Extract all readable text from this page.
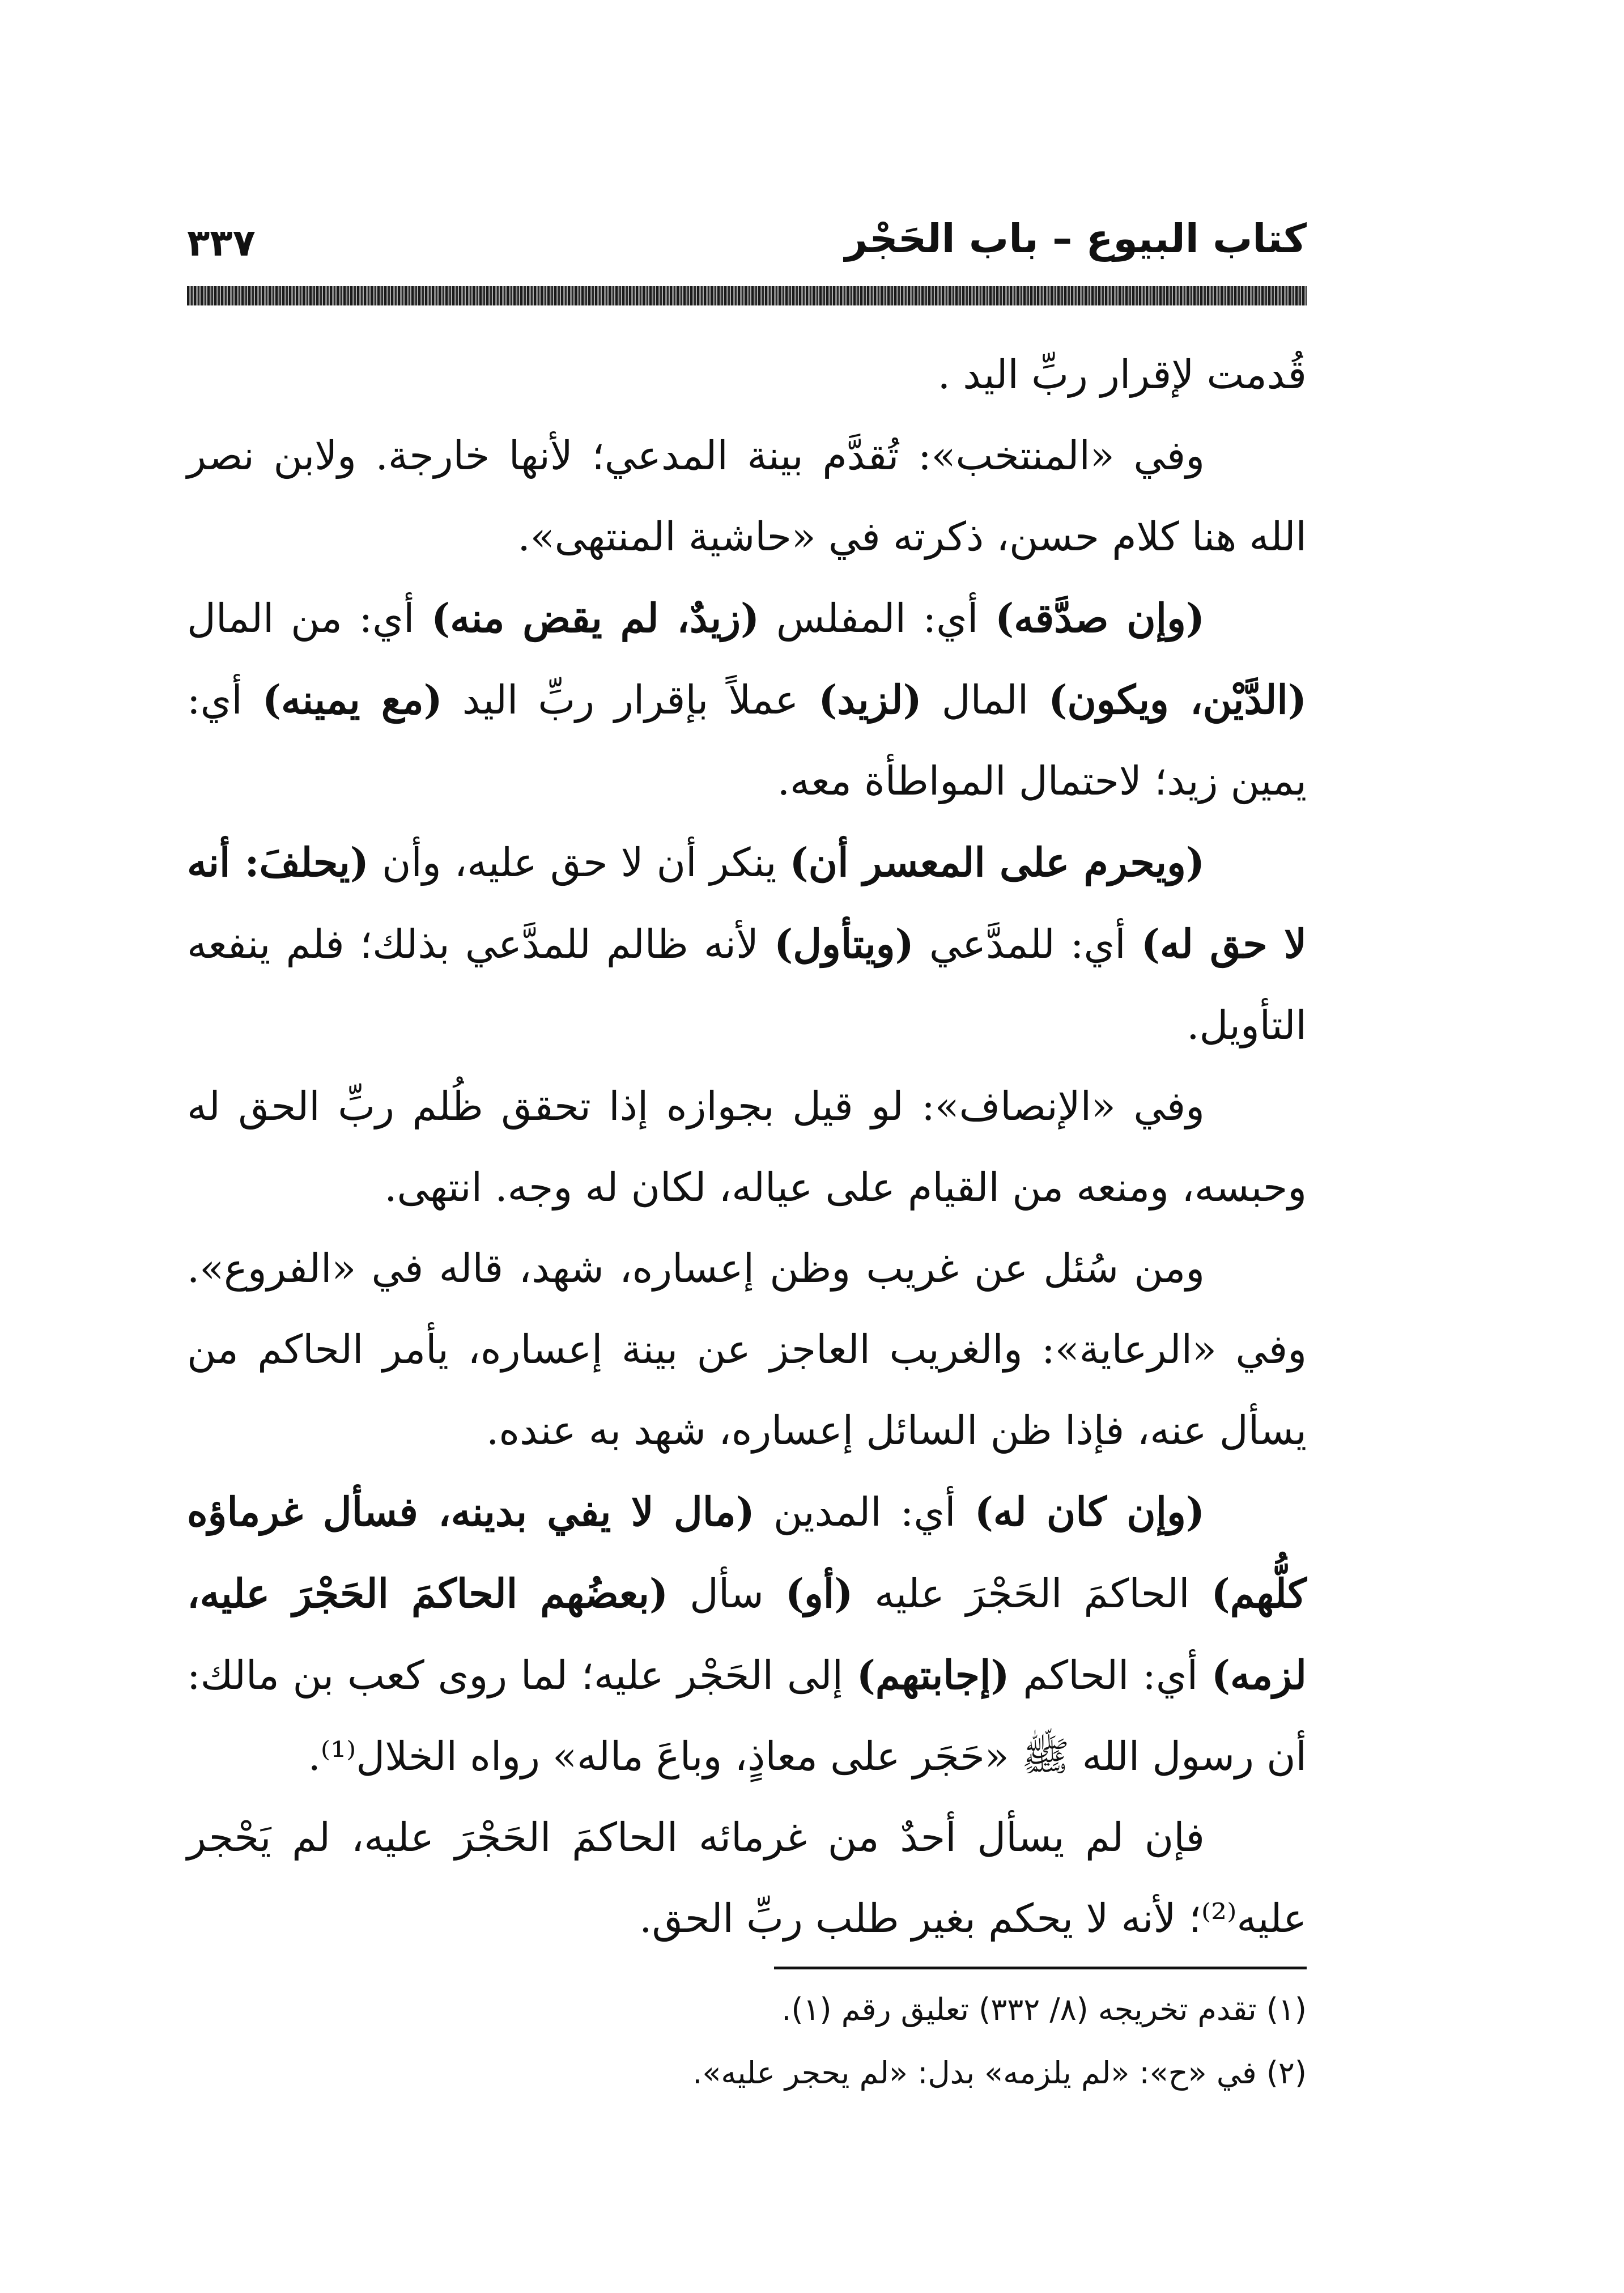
كتاب البيوع – باب الحَجْر
٣٣٧

قُدمت لإقرار ربِّ اليد .

وفي «المنتخب»: تُقدَّم بينة المدعي؛ لأنها خارجة. ولابن نصر الله هنا كلام حسن، ذكرته في «حاشية المنتهى».

(وإن صدَّقه) أي: المفلس (زيدٌ، لم يقض منه) أي: من المال (الدَّيْن، ويكون) المال (لزيد) عملاً بإقرار ربِّ اليد (مع يمينه) أي: يمين زيد؛ لاحتمال المواطأة معه.

(ويحرم على المعسر أن) ينكر أن لا حق عليه، وأن (يحلفَ: أنه لا حق له) أي: للمدَّعي (ويتأول) لأنه ظالم للمدَّعي بذلك؛ فلم ينفعه التأويل.

وفي «الإنصاف»: لو قيل بجوازه إذا تحقق ظُلم ربِّ الحق له وحبسه، ومنعه من القيام على عياله، لكان له وجه. انتهى.

ومن سُئل عن غريب وظن إعساره، شهد، قاله في «الفروع». وفي «الرعاية»: والغريب العاجز عن بينة إعساره، يأمر الحاكم من يسأل عنه، فإذا ظن السائل إعساره، شهد به عنده.

(وإن كان له) أي: المدين (مال لا يفي بدينه، فسأل غرماؤه كلُّهم) الحاكمَ الحَجْرَ عليه (أو) سأل (بعضُهم الحاكمَ الحَجْرَ عليه، لزمه) أي: الحاكم (إجابتهم) إلى الحَجْر عليه؛ لما روى كعب بن مالك: أن رسول الله ﷺ «حَجَر على معاذٍ، وباعَ ماله» رواه الخلال⁽¹⁾.

فإن لم يسأل أحدٌ من غرمائه الحاكمَ الحَجْرَ عليه، لم يَحْجر عليه⁽²⁾؛ لأنه لا يحكم بغير طلب ربِّ الحق.

(١) تقدم تخريجه (٨/ ٣٣٢) تعليق رقم (١).

(٢) في «ح»: «لم يلزمه» بدل: «لم يحجر عليه».
